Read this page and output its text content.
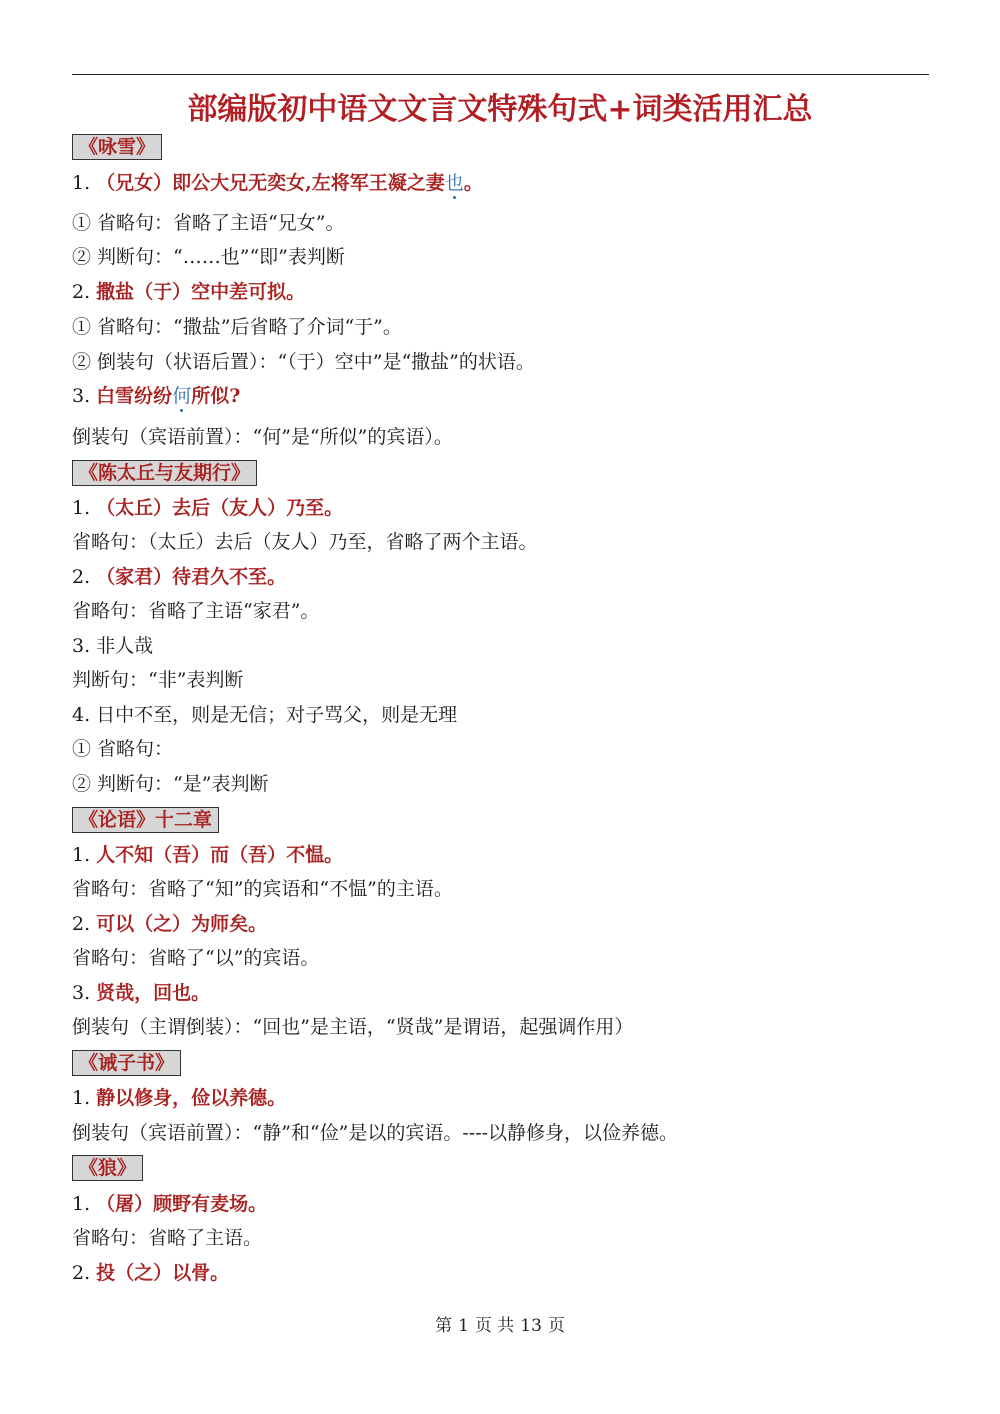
部编版初中语文文言文特殊句式+词类活用汇总
《咏雪》
1. （兄女）即公大兄无奕女,左将军王凝之妻也。
① 省略句：省略了主语“兄女”。
② 判断句：“……也”“即”表判断
2. 撒盐（于）空中差可拟。
① 省略句：“撒盐”后省略了介词“于”。
② 倒装句（状语后置）：“（于）空中”是“撒盐”的状语。
3. 白雪纷纷何所似?
倒装句（宾语前置）：“何”是“所似”的宾语）。
《陈太丘与友期行》
1. （太丘）去后（友人）乃至。
省略句：（太丘）去后（友人）乃至，省略了两个主语。
2. （家君）待君久不至。
省略句：省略了主语“家君”。
3. 非人哉
判断句：“非”表判断
4. 日中不至，则是无信；对子骂父，则是无理
① 省略句：
② 判断句：“是”表判断
《论语》十二章
1. 人不知（吾）而（吾）不愠。
省略句：省略了“知”的宾语和“不愠”的主语。
2. 可以（之）为师矣。
省略句：省略了“以”的宾语。
3. 贤哉，回也。
倒装句（主谓倒装）：“回也”是主语，“贤哉”是谓语，起强调作用）
《诫子书》
1. 静以修身，俭以养德。
倒装句（宾语前置）：“静”和“俭”是以的宾语。----以静修身，以俭养德。
《狼》
1. （屠）顾野有麦场。
省略句：省略了主语。
2. 投（之）以骨。
第 1 页 共 13 页
